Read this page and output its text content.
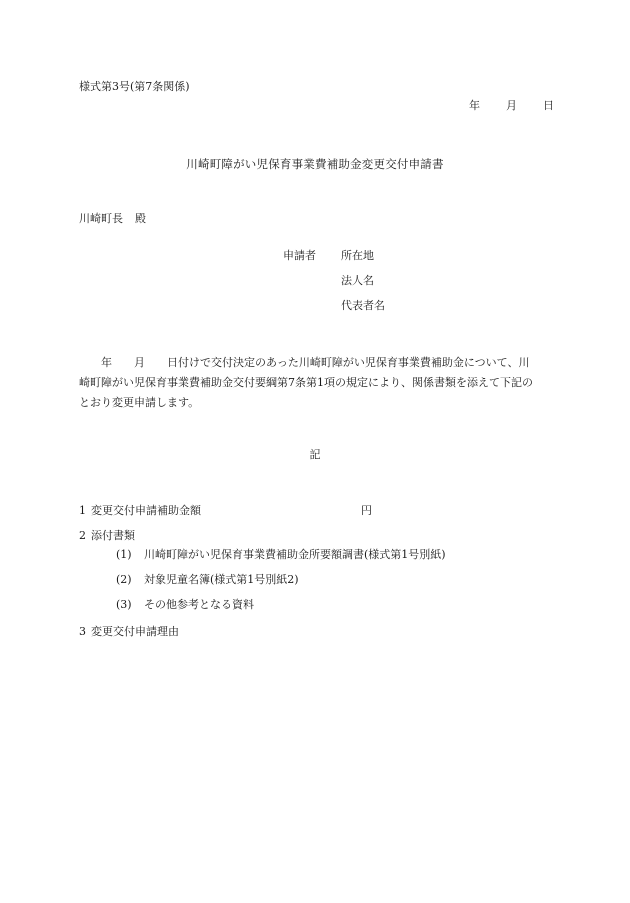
様式第3号(第7条関係)
年 月 日
川崎町障がい児保育事業費補助金変更交付申請書
川崎町長 殿
申請者 所在地
法人名
代表者名
　　年　　月　　日付けで交付決定のあった川崎町障がい児保育事業費補助金について、川
崎町障がい児保育事業費補助金交付要綱第7条第1項の規定により、関係書類を添えて下記の
とおり変更申請します。
記
1 変更交付申請補助金額	円
2 添付書類
(1) 川崎町障がい児保育事業費補助金所要額調書(様式第1号別紙)
(2) 対象児童名簿(様式第1号別紙2)
(3) その他参考となる資料
3 変更交付申請理由
